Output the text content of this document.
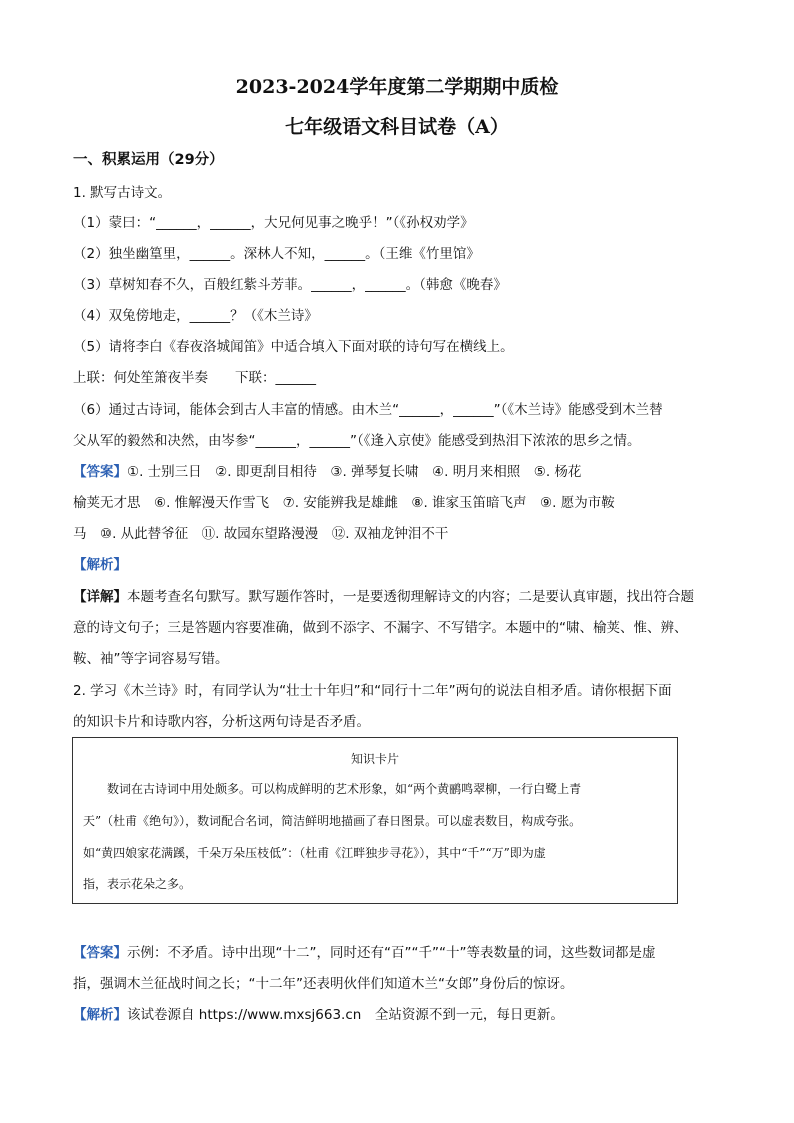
2023-2024学年度第二学期期中质检
七年级语文科目试卷（A）
一、积累运用（29分）
1. 默写古诗文。
（1）蒙曰：“______，______，大兄何见事之晚乎！”（《孙权劝学》
（2）独坐幽篁里，______。深林人不知，______。（王维《竹里馆》
（3）草树知春不久，百般红紫斗芳菲。______，______。（韩愈《晚春》
（4）双兔傍地走，______？（《木兰诗》
（5）请将李白《春夜洛城闻笛》中适合填入下面对联的诗句写在横线上。
上联：何处笙箫夜半奏　　下联：______
（6）通过古诗词，能体会到古人丰富的情感。由木兰“______，______”（《木兰诗》能感受到木兰替
父从军的毅然和决然，由岑参“______，______”（《逢入京使》能感受到热泪下浓浓的思乡之情。
【答案】①. 士别三日　②. 即更刮目相待　③. 弹琴复长啸　④. 明月来相照　⑤. 杨花
榆荚无才思　⑥. 惟解漫天作雪飞　⑦. 安能辨我是雄雌　⑧. 谁家玉笛暗飞声　⑨. 愿为市鞍
马　⑩. 从此替爷征　⑪. 故园东望路漫漫　⑫. 双袖龙钟泪不干
【解析】
【详解】本题考查名句默写。默写题作答时，一是要透彻理解诗文的内容；二是要认真审题，找出符合题
意的诗文句子；三是答题内容要准确，做到不添字、不漏字、不写错字。本题中的“啸、榆荚、惟、辨、
鞍、袖”等字词容易写错。
2. 学习《木兰诗》时，有同学认为“壮士十年归”和“同行十二年”两句的说法自相矛盾。请你根据下面
的知识卡片和诗歌内容，分析这两句诗是否矛盾。
知识卡片
　　数词在古诗词中用处颇多。可以构成鲜明的艺术形象，如“两个黄鹂鸣翠柳，一行白鹭上青
天”（杜甫《绝句》），数词配合名词，简洁鲜明地描画了春日图景。可以虚表数目，构成夸张。
如“黄四娘家花满蹊，千朵万朵压枝低”：（杜甫《江畔独步寻花》），其中“千”“万”即为虚
指，表示花朵之多。
【答案】示例：不矛盾。诗中出现“十二”，同时还有“百”“千”“十”等表数量的词，这些数词都是虚
指，强调木兰征战时间之长；“十二年”还表明伙伴们知道木兰“女郎”身份后的惊讶。
【解析】该试卷源自 https://www.mxsj663.cn　全站资源不到一元，每日更新。
